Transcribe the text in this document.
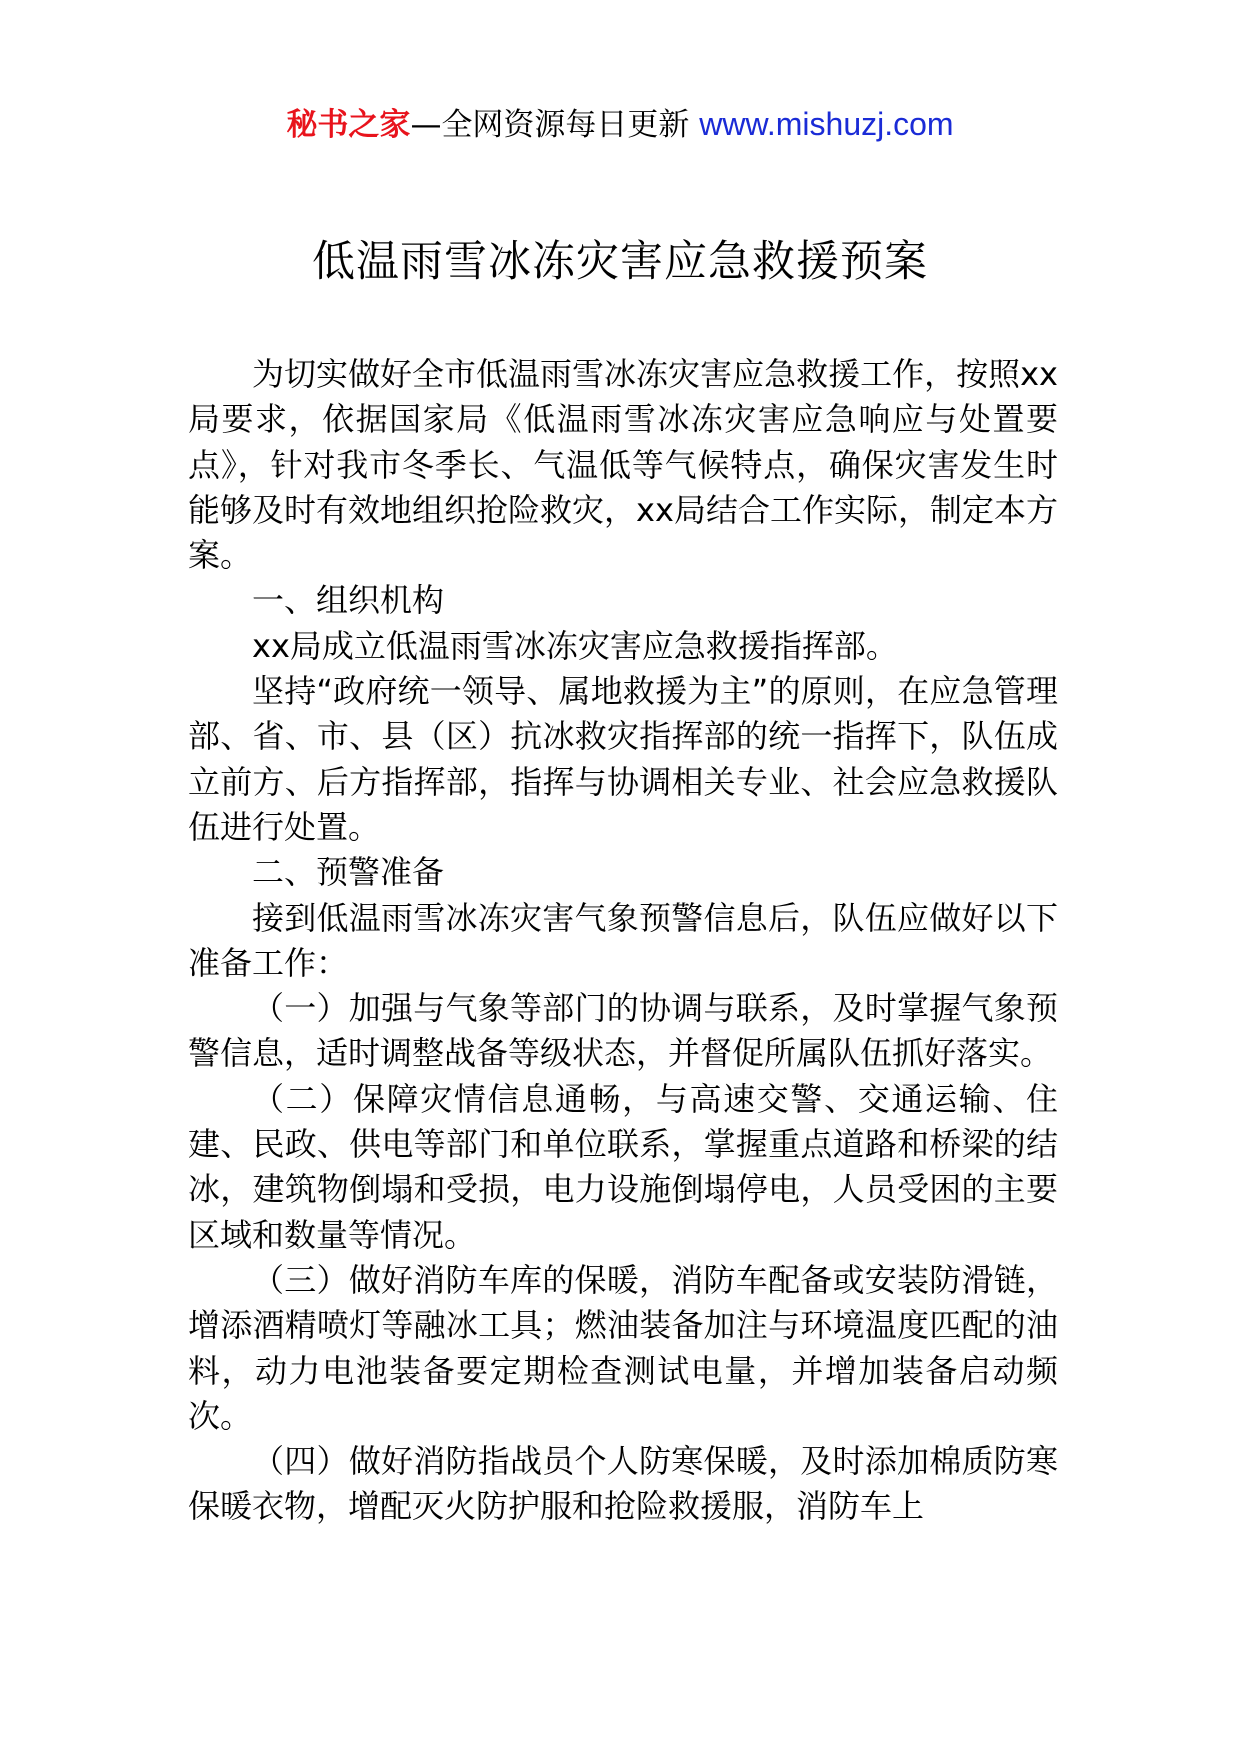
秘书之家—全网资源每日更新 www.mishuzj.com
低温雨雪冰冻灾害应急救援预案

为切实做好全市低温雨雪冰冻灾害应急救援工作，按照xx局要求，依据国家局《低温雨雪冰冻灾害应急响应与处置要点》，针对我市冬季长、气温低等气候特点，确保灾害发生时能够及时有效地组织抢险救灾，xx局结合工作实际，制定本方案。

一、组织机构

xx局成立低温雨雪冰冻灾害应急救援指挥部。

坚持“政府统一领导、属地救援为主”的原则，在应急管理部、省、市、县（区）抗冰救灾指挥部的统一指挥下，队伍成立前方、后方指挥部，指挥与协调相关专业、社会应急救援队伍进行处置。

二、预警准备

接到低温雨雪冰冻灾害气象预警信息后，队伍应做好以下准备工作：

（一）加强与气象等部门的协调与联系，及时掌握气象预警信息，适时调整战备等级状态，并督促所属队伍抓好落实。

（二）保障灾情信息通畅，与高速交警、交通运输、住建、民政、供电等部门和单位联系，掌握重点道路和桥梁的结冰，建筑物倒塌和受损，电力设施倒塌停电，人员受困的主要区域和数量等情况。

（三）做好消防车库的保暖，消防车配备或安装防滑链，增添酒精喷灯等融冰工具；燃油装备加注与环境温度匹配的油料，动力电池装备要定期检查测试电量，并增加装备启动频次。

（四）做好消防指战员个人防寒保暖，及时添加棉质防寒保暖衣物，增配灭火防护服和抢险救援服，消防车上
